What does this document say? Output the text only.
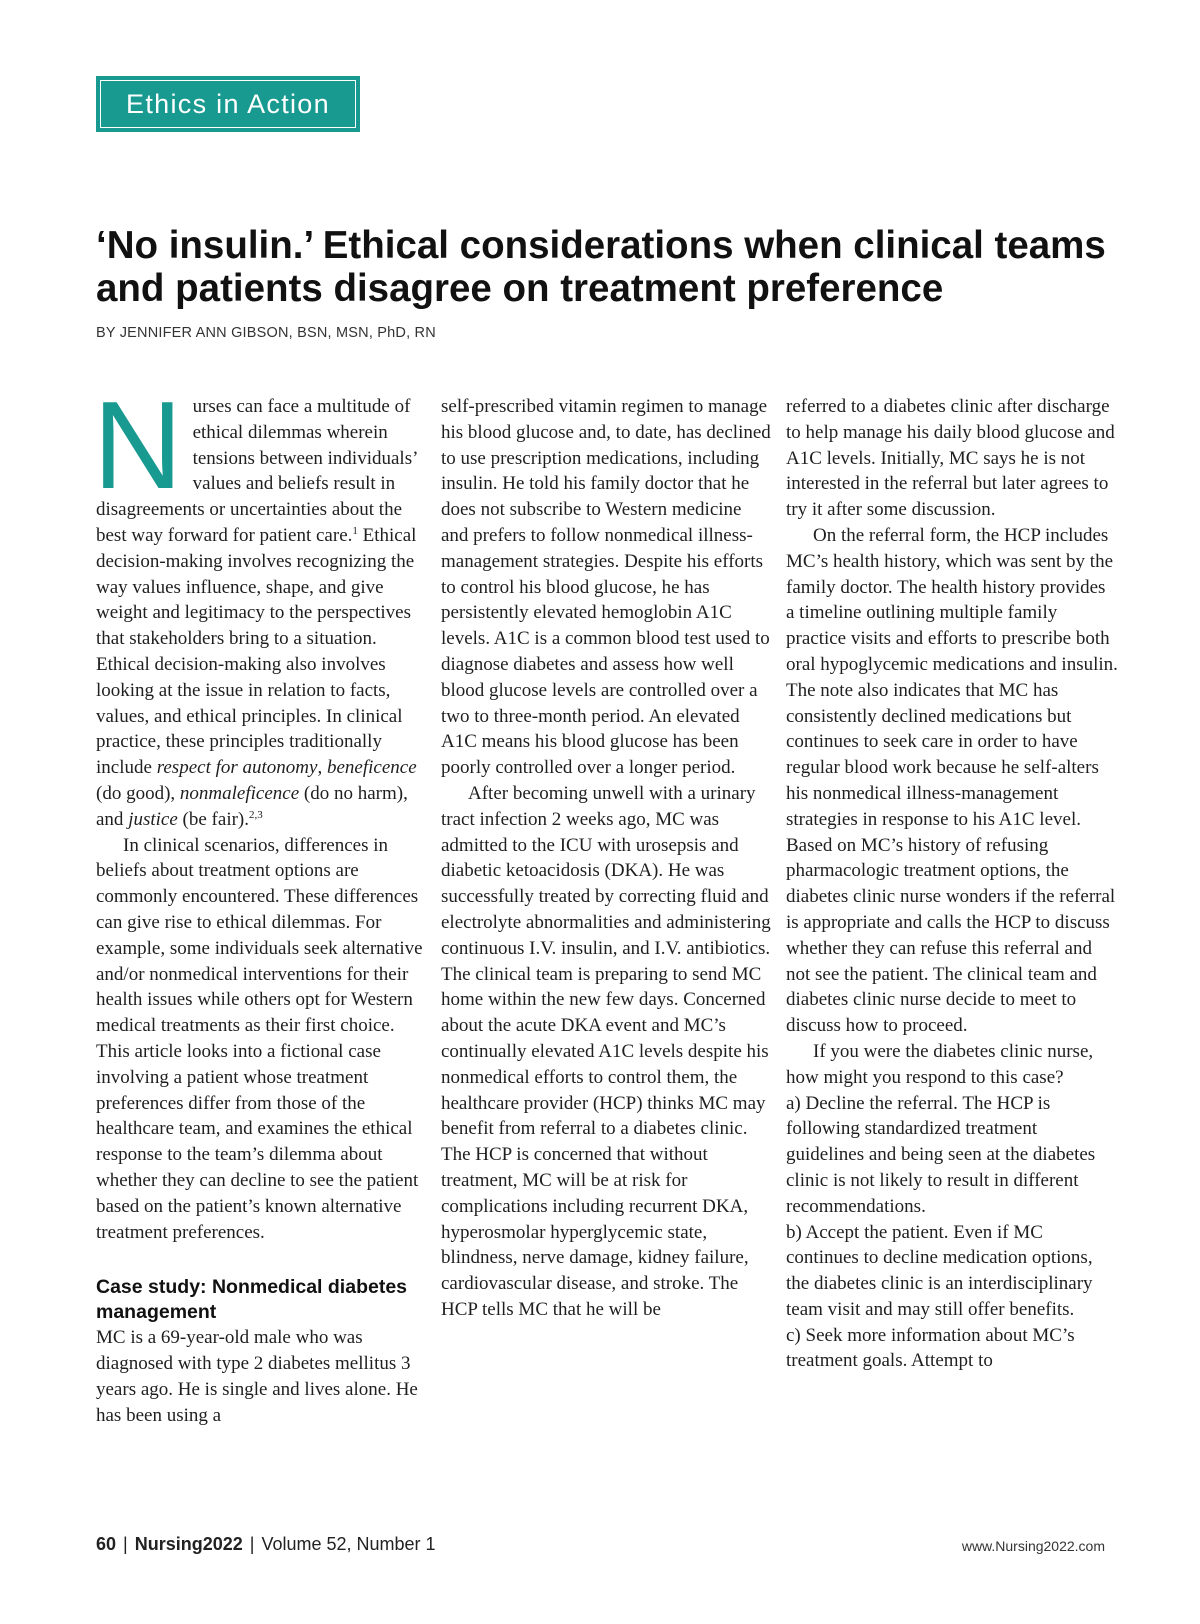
Ethics in Action
‘No insulin.’ Ethical considerations when clinical teams and patients disagree on treatment preference
BY JENNIFER ANN GIBSON, BSN, MSN, PhD, RN
N urses can face a multitude of ethical dilemmas wherein tensions between individuals’ values and beliefs result in disagreements or uncertainties about the best way forward for patient care.$^1$ Ethical decision-making involves recognizing the way values influence, shape, and give weight and legitimacy to the perspectives that stakeholders bring to a situation. Ethical decision-making also involves looking at the issue in relation to facts, values, and ethical principles. In clinical practice, these principles traditionally include respect for autonomy, beneficence (do good), nonmaleficence (do no harm), and justice (be fair).$^{2,3}$

In clinical scenarios, differences in beliefs about treatment options are commonly encountered. These differences can give rise to ethical dilemmas. For example, some individuals seek alternative and/or nonmedical interventions for their health issues while others opt for Western medical treatments as their first choice. This article looks into a fictional case involving a patient whose treatment preferences differ from those of the healthcare team, and examines the ethical response to the team’s dilemma about whether they can decline to see the patient based on the patient’s known alternative treatment preferences.

Case study: Nonmedical diabetes management

MC is a 69-year-old male who was diagnosed with type 2 diabetes mellitus 3 years ago. He is single and lives alone. He has been using a

self-prescribed vitamin regimen to manage his blood glucose and, to date, has declined to use prescription medications, including insulin. He told his family doctor that he does not subscribe to Western medicine and prefers to follow nonmedical illness-management strategies. Despite his efforts to control his blood glucose, he has persistently elevated hemoglobin A1C levels. A1C is a common blood test used to diagnose diabetes and assess how well blood glucose levels are controlled over a two to three-month period. An elevated A1C means his blood glucose has been poorly controlled over a longer period.

After becoming unwell with a urinary tract infection 2 weeks ago, MC was admitted to the ICU with urosepsis and diabetic ketoacidosis (DKA). He was successfully treated by correcting fluid and electrolyte abnormalities and administering continuous I.V. insulin, and I.V. antibiotics. The clinical team is preparing to send MC home within the new few days. Concerned about the acute DKA event and MC’s continually elevated A1C levels despite his nonmedical efforts to control them, the healthcare provider (HCP) thinks MC may benefit from referral to a diabetes clinic. The HCP is concerned that without treatment, MC will be at risk for complications including recurrent DKA, hyperosmolar hyperglycemic state, blindness, nerve damage, kidney failure, cardiovascular disease, and stroke. The HCP tells MC that he will be

referred to a diabetes clinic after discharge to help manage his daily blood glucose and A1C levels. Initially, MC says he is not interested in the referral but later agrees to try it after some discussion.

On the referral form, the HCP includes MC’s health history, which was sent by the family doctor. The health history provides a timeline outlining multiple family practice visits and efforts to prescribe both oral hypoglycemic medications and insulin. The note also indicates that MC has consistently declined medications but continues to seek care in order to have regular blood work because he self-alters his nonmedical illness-management strategies in response to his A1C level. Based on MC’s history of refusing pharmacologic treatment options, the diabetes clinic nurse wonders if the referral is appropriate and calls the HCP to discuss whether they can refuse this referral and not see the patient. The clinical team and diabetes clinic nurse decide to meet to discuss how to proceed.

If you were the diabetes clinic nurse, how might you respond to this case?

a) Decline the referral. The HCP is following standardized treatment guidelines and being seen at the diabetes clinic is not likely to result in different recommendations.

b) Accept the patient. Even if MC continues to decline medication options, the diabetes clinic is an interdisciplinary team visit and may still offer benefits.

c) Seek more information about MC’s treatment goals. Attempt to

60 | Nursing2022 | Volume 52, Number 1	www.Nursing2022.com
